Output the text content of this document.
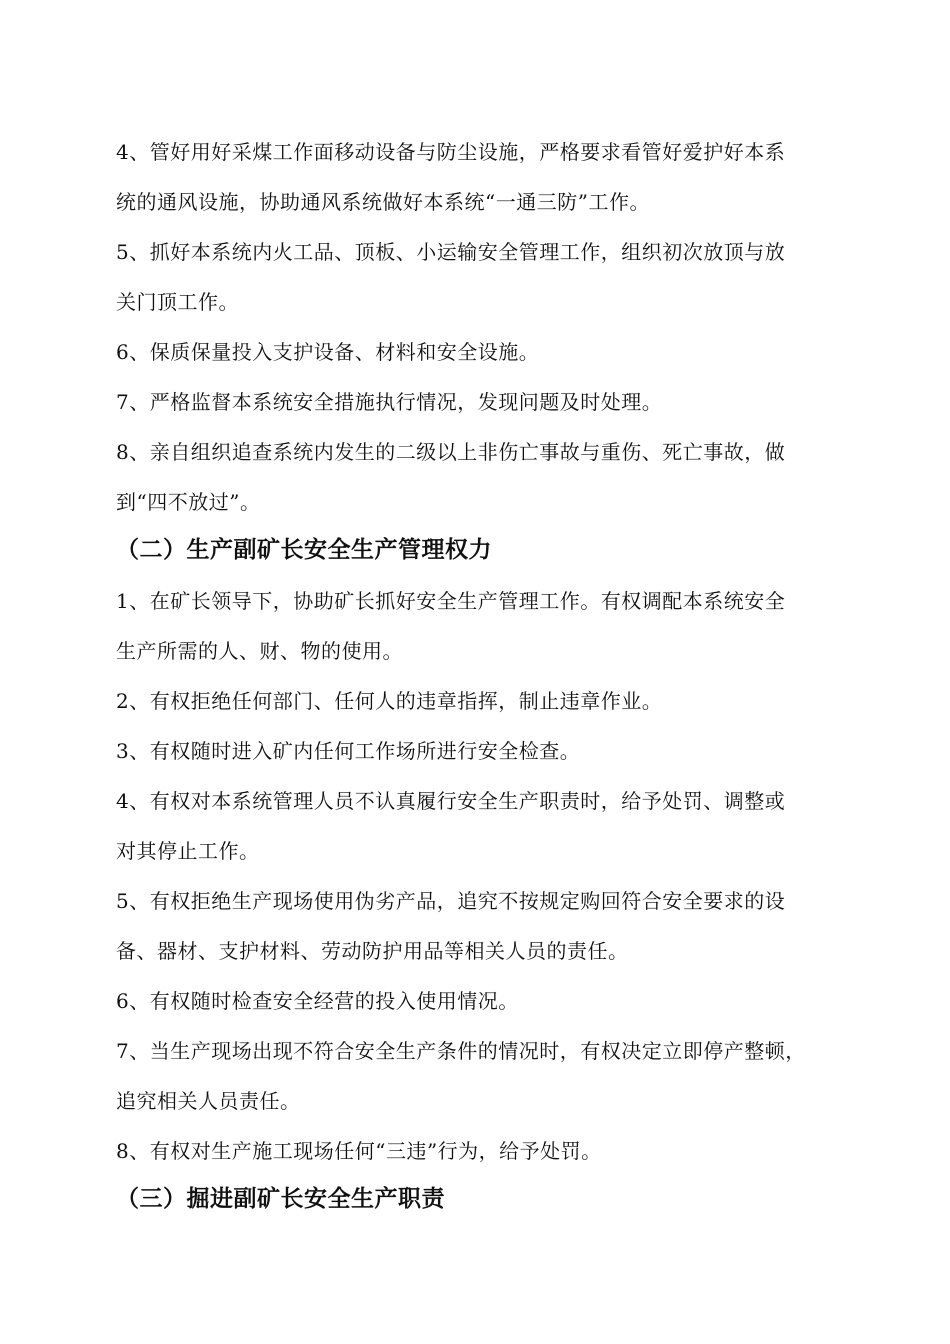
4、管好用好采煤工作面移动设备与防尘设施，严格要求看管好爱护好本系
统的通风设施，协助通风系统做好本系统“一通三防”工作。
5、抓好本系统内火工品、顶板、小运输安全管理工作，组织初次放顶与放
关门顶工作。
6、保质保量投入支护设备、材料和安全设施。
7、严格监督本系统安全措施执行情况，发现问题及时处理。
8、亲自组织追查系统内发生的二级以上非伤亡事故与重伤、死亡事故，做
到“四不放过”。
（二）生产副矿长安全生产管理权力
1、在矿长领导下，协助矿长抓好安全生产管理工作。有权调配本系统安全
生产所需的人、财、物的使用。
2、有权拒绝任何部门、任何人的违章指挥，制止违章作业。
3、有权随时进入矿内任何工作场所进行安全检查。
4、有权对本系统管理人员不认真履行安全生产职责时，给予处罚、调整或
对其停止工作。
5、有权拒绝生产现场使用伪劣产品，追究不按规定购回符合安全要求的设
备、器材、支护材料、劳动防护用品等相关人员的责任。
6、有权随时检查安全经营的投入使用情况。
7、当生产现场出现不符合安全生产条件的情况时，有权决定立即停产整顿，
追究相关人员责任。
8、有权对生产施工现场任何“三违”行为，给予处罚。
（三）掘进副矿长安全生产职责
